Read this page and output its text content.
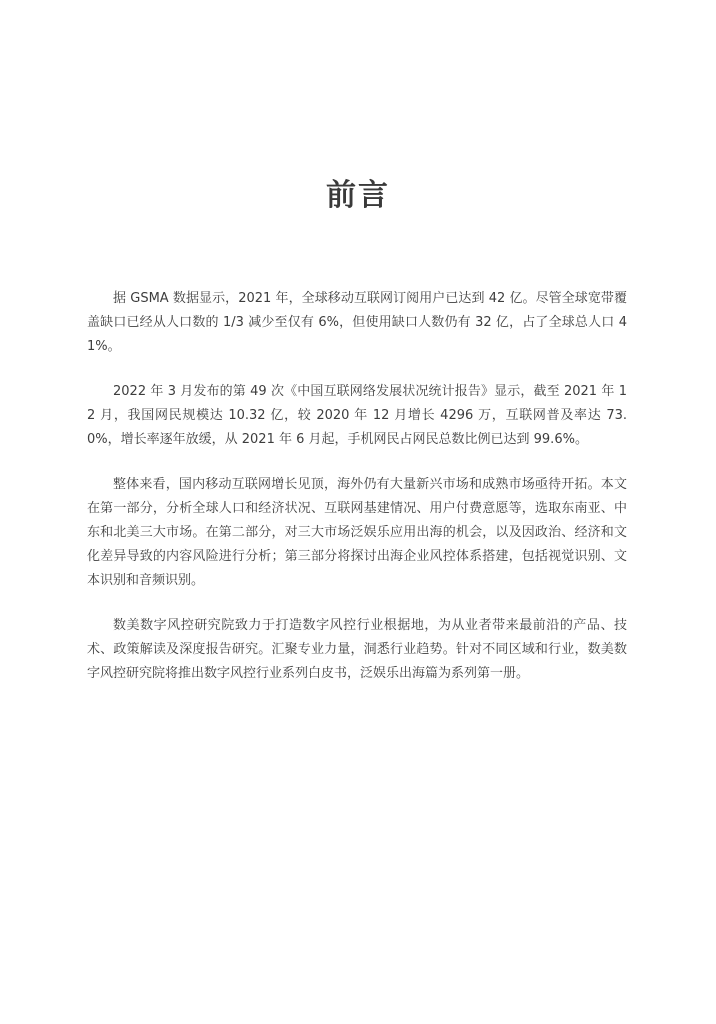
前言

据 GSMA 数据显示，2021 年，全球移动互联网订阅用户已达到 42 亿。尽管全球宽带覆盖缺口已经从人口数的 1/3 减少至仅有 6%，但使用缺口人数仍有 32 亿，占了全球总人口 41%。

2022 年 3 月发布的第 49 次《中国互联网络发展状况统计报告》显示，截至 2021 年 12 月，我国网民规模达 10.32 亿，较 2020 年 12 月增长 4296 万，互联网普及率达 73.0%，增长率逐年放缓，从 2021 年 6 月起，手机网民占网民总数比例已达到 99.6%。

整体来看，国内移动互联网增长见顶，海外仍有大量新兴市场和成熟市场亟待开拓。本文在第一部分，分析全球人口和经济状况、互联网基建情况、用户付费意愿等，选取东南亚、中东和北美三大市场。在第二部分，对三大市场泛娱乐应用出海的机会，以及因政治、经济和文化差异导致的内容风险进行分析；第三部分将探讨出海企业风控体系搭建，包括视觉识别、文本识别和音频识别。

数美数字风控研究院致力于打造数字风控行业根据地，为从业者带来最前沿的产品、技术、政策解读及深度报告研究。汇聚专业力量，洞悉行业趋势。针对不同区域和行业，数美数字风控研究院将推出数字风控行业系列白皮书，泛娱乐出海篇为系列第一册。
